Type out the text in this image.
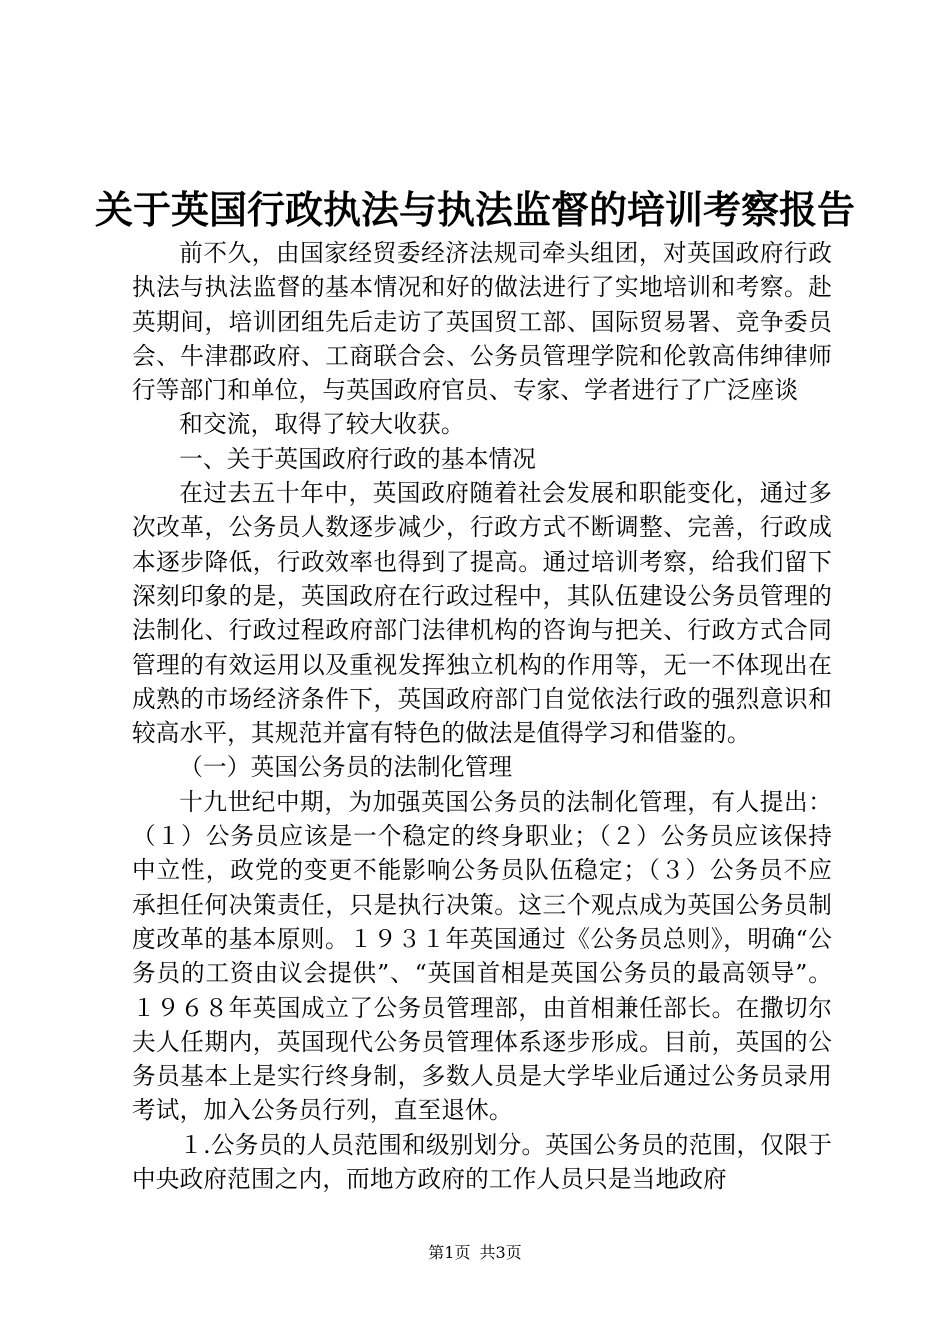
关于英国行政执法与执法监督的培训考察报告

前不久，由国家经贸委经济法规司牵头组团，对英国政府行政执法与执法监督的基本情况和好的做法进行了实地培训和考察。赴英期间，培训团组先后走访了英国贸工部、国际贸易署、竞争委员会、牛津郡政府、工商联合会、公务员管理学院和伦敦高伟绅律师行等部门和单位，与英国政府官员、专家、学者进行了广泛座谈

和交流，取得了较大收获。

一、关于英国政府行政的基本情况

在过去五十年中，英国政府随着社会发展和职能变化，通过多次改革，公务员人数逐步减少，行政方式不断调整、完善，行政成本逐步降低，行政效率也得到了提高。通过培训考察，给我们留下深刻印象的是，英国政府在行政过程中，其队伍建设公务员管理的法制化、行政过程政府部门法律机构的咨询与把关、行政方式合同管理的有效运用以及重视发挥独立机构的作用等，无一不体现出在成熟的市场经济条件下，英国政府部门自觉依法行政的强烈意识和较高水平，其规范并富有特色的做法是值得学习和借鉴的。

（一）英国公务员的法制化管理

十九世纪中期，为加强英国公务员的法制化管理，有人提出：（１）公务员应该是一个稳定的终身职业；（２）公务员应该保持中立性，政党的变更不能影响公务员队伍稳定；（３）公务员不应承担任何决策责任，只是执行决策。这三个观点成为英国公务员制度改革的基本原则。１９３１年英国通过《公务员总则》，明确“公务员的工资由议会提供”、“英国首相是英国公务员的最高领导”。１９６８年英国成立了公务员管理部，由首相兼任部长。在撒切尔夫人任期内，英国现代公务员管理体系逐步形成。目前，英国的公务员基本上是实行终身制，多数人员是大学毕业后通过公务员录用考试，加入公务员行列，直至退休。

１.公务员的人员范围和级别划分。英国公务员的范围，仅限于中央政府范围之内，而地方政府的工作人员只是当地政府

第1页 共3页
